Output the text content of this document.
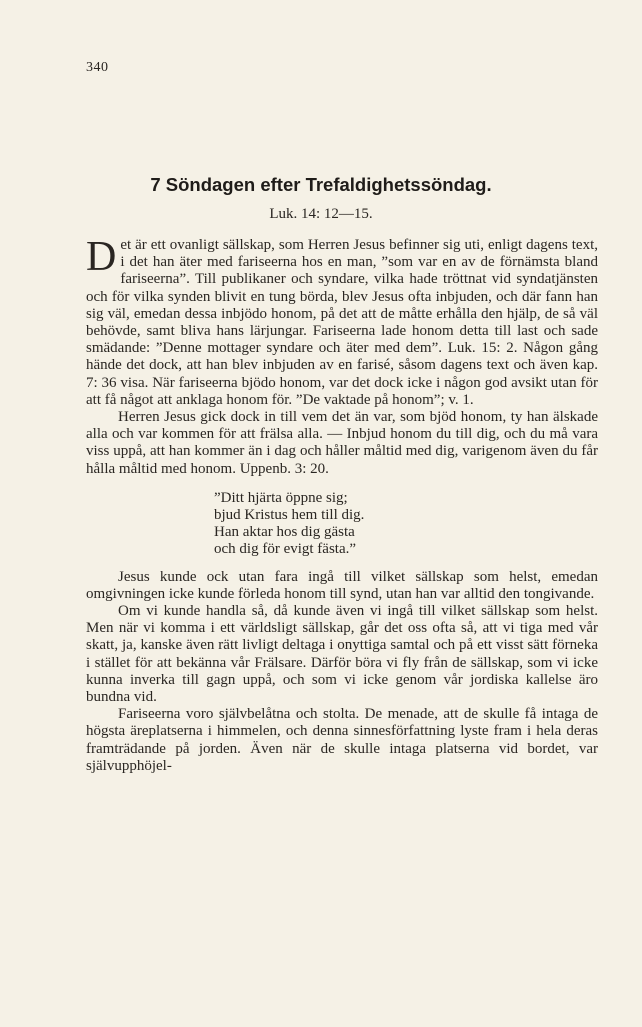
340
7 Söndagen efter Trefaldighetssöndag.
Luk. 14: 12—15.

Det är ett ovanligt sällskap, som Herren Jesus befinner sig uti, enligt dagens text, i det han äter med fariseerna hos en man, ”som var en av de förnämsta bland fariseerna”. Till publikaner och syndare, vilka hade tröttnat vid syndatjänsten och för vilka synden blivit en tung börda, blev Jesus ofta inbjuden, och där fann han sig väl, emedan dessa inbjödo honom, på det att de måtte erhålla den hjälp, de så väl behövde, samt bliva hans lärjungar. Fariseerna lade honom detta till last och sade smädande: ”Denne mottager syndare och äter med dem”. Luk. 15: 2. Någon gång hände det dock, att han blev inbjuden av en farisé, såsom dagens text och även kap. 7: 36 visa. När fariseerna bjödo honom, var det dock icke i någon god avsikt utan för att få något att anklaga honom för. ”De vaktade på honom”; v. 1.

Herren Jesus gick dock in till vem det än var, som bjöd honom, ty han älskade alla och var kommen för att frälsa alla. — Inbjud honom du till dig, och du må vara viss uppå, att han kommer än i dag och håller måltid med dig, varigenom även du får hålla måltid med honom. Uppenb. 3: 20.

”Ditt hjärta öppne sig;
bjud Kristus hem till dig.
Han aktar hos dig gästa
och dig för evigt fästa.”

Jesus kunde ock utan fara ingå till vilket sällskap som helst, emedan omgivningen icke kunde förleda honom till synd, utan han var alltid den tongivande.

Om vi kunde handla så, då kunde även vi ingå till vilket sällskap som helst. Men när vi komma i ett världsligt sällskap, går det oss ofta så, att vi tiga med vår skatt, ja, kanske även rätt livligt deltaga i onyttiga samtal och på ett visst sätt förneka i stället för att bekänna vår Frälsare. Därför böra vi fly från de sällskap, som vi icke kunna inverka till gagn uppå, och som vi icke genom vår jordiska kallelse äro bundna vid.

Fariseerna voro självbelåtna och stolta. De menade, att de skulle få intaga de högsta äreplatserna i himmelen, och denna sinnesförfattning lyste fram i hela deras framträdande på jorden. Även när de skulle intaga platserna vid bordet, var självupphöjel-
